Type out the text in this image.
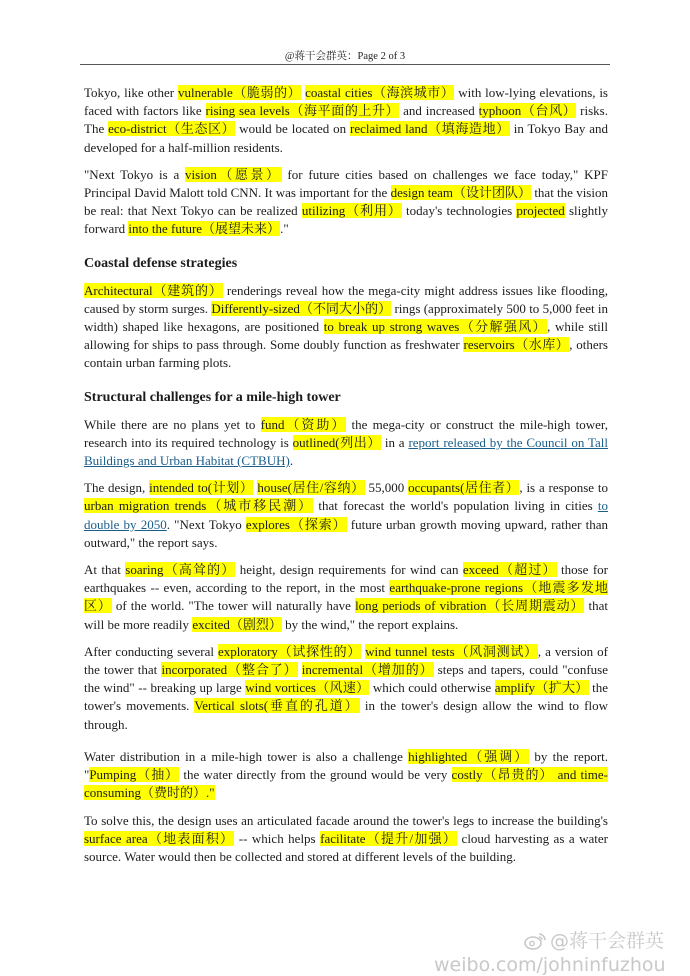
@蒋干会群英：Page 2 of 3

Tokyo, like other vulnerable（脆弱的） coastal cities（海滨城市） with low-lying elevations, is faced with factors like rising sea levels（海平面的上升） and increased typhoon（台风） risks. The eco-district（生态区） would be located on reclaimed land（填海造地） in Tokyo Bay and developed for a half-million residents.

"Next Tokyo is a vision（愿景） for future cities based on challenges we face today," KPF Principal David Malott told CNN. It was important for the design team（设计团队） that the vision be real: that Next Tokyo can be realized utilizing（利用） today's technologies projected slightly forward into the future（展望未来）."

Coastal defense strategies

Architectural（建筑的） renderings reveal how the mega-city might address issues like flooding, caused by storm surges. Differently-sized（不同大小的） rings (approximately 500 to 5,000 feet in width) shaped like hexagons, are positioned to break up strong waves（分解强风）, while still allowing for ships to pass through. Some doubly function as freshwater reservoirs（水库）, others contain urban farming plots.

Structural challenges for a mile-high tower

While there are no plans yet to fund（资助） the mega-city or construct the mile-high tower, research into its required technology is outlined(列出） in a report released by the Council on Tall Buildings and Urban Habitat (CTBUH).

The design, intended to(计划） house(居住/容纳） 55,000 occupants(居住者）, is a response to urban migration trends（城市移民潮） that forecast the world's population living in cities to double by 2050. "Next Tokyo explores（探索） future urban growth moving upward, rather than outward," the report says.

At that soaring（高耸的） height, design requirements for wind can exceed（超过） those for earthquakes -- even, according to the report, in the most earthquake-prone regions（地震多发地区） of the world. "The tower will naturally have long periods of vibration（长周期震动） that will be more readily excited（剧烈） by the wind," the report explains.

After conducting several exploratory（试探性的） wind tunnel tests（风洞测试）, a version of the tower that incorporated（整合了） incremental（增加的） steps and tapers, could "confuse the wind" -- breaking up large wind vortices（风速） which could otherwise amplify（扩大） the tower's movements. Vertical slots(垂直的孔道） in the tower's design allow the wind to flow through.

Water distribution in a mile-high tower is also a challenge highlighted（强调） by the report. "Pumping（抽） the water directly from the ground would be very costly（昂贵的） and time-consuming（费时的）."

To solve this, the design uses an articulated facade around the tower's legs to increase the building's surface area（地表面积） -- which helps facilitate（提升/加强） cloud harvesting as a water source. Water would then be collected and stored at different levels of the building.

@蒋干会群英
weibo.com/johninfuzhou
